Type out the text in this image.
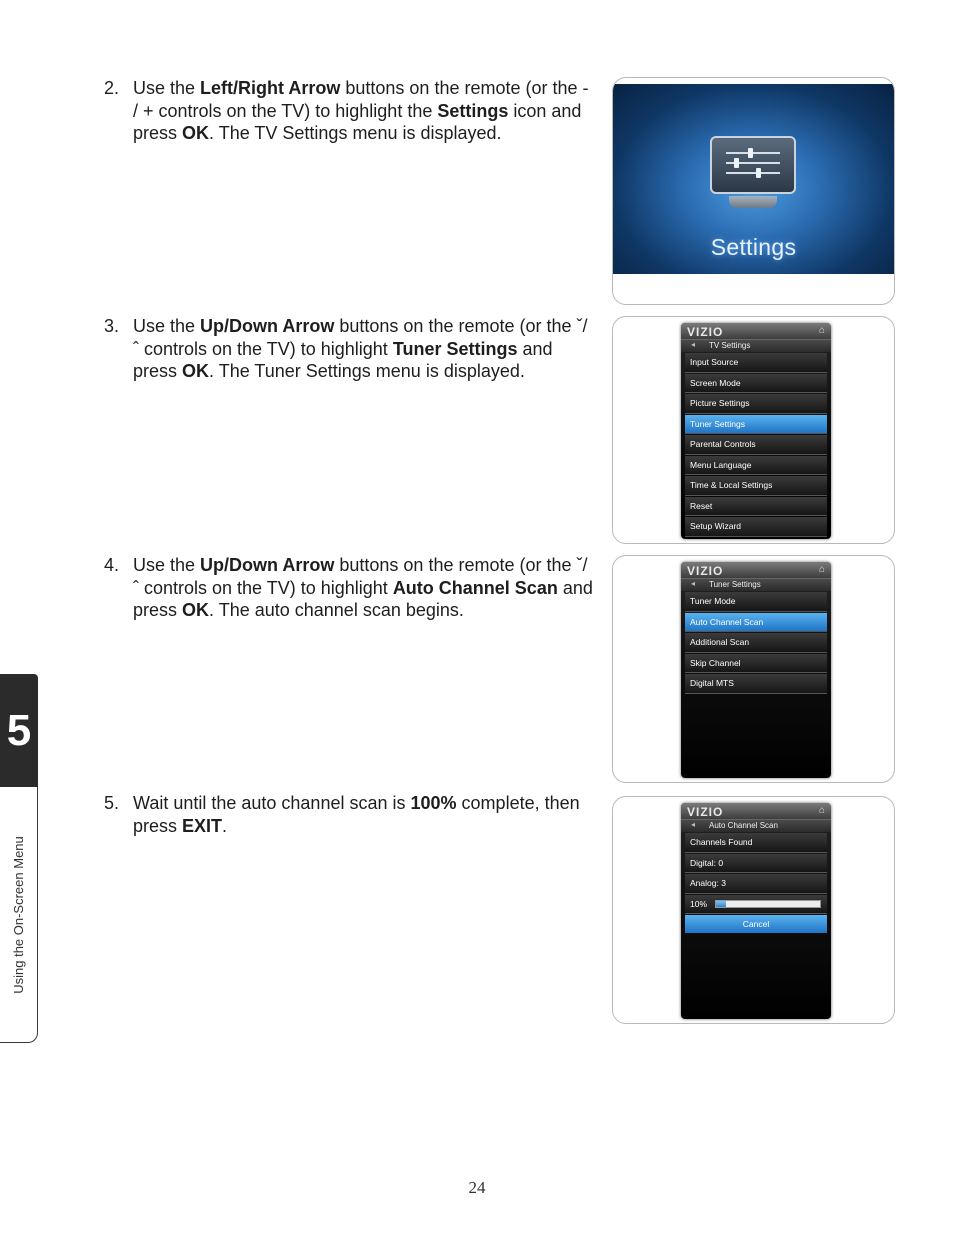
2. Use the Left/Right Arrow buttons on the remote (or the - / + controls on the TV) to highlight the Settings icon and press OK. The TV Settings menu is displayed.
3. Use the Up/Down Arrow buttons on the remote (or the ˇ/ ˆ controls on the TV) to highlight Tuner Settings and press OK. The Tuner Settings menu is displayed.
4. Use the Up/Down Arrow buttons on the remote (or the ˇ/ ˆ controls on the TV) to highlight Auto Channel Scan and press OK. The auto channel scan begins.
5. Wait until the auto channel scan is 100% complete, then press EXIT.
Settings
VIZIO	⌂
◂ TV Settings
Input Source
Screen Mode
Picture Settings
Tuner Settings
Parental Controls
Menu Language
Time & Local Settings
Reset
Setup Wizard
VIZIO	⌂
◂ Tuner Settings
Tuner Mode
Auto Channel Scan
Additional Scan
Skip Channel
Digital MTS
VIZIO	⌂
◂ Auto Channel Scan
Channels Found
Digital: 0
Analog: 3
10%
Cancel
5
Using the On-Screen Menu
24
